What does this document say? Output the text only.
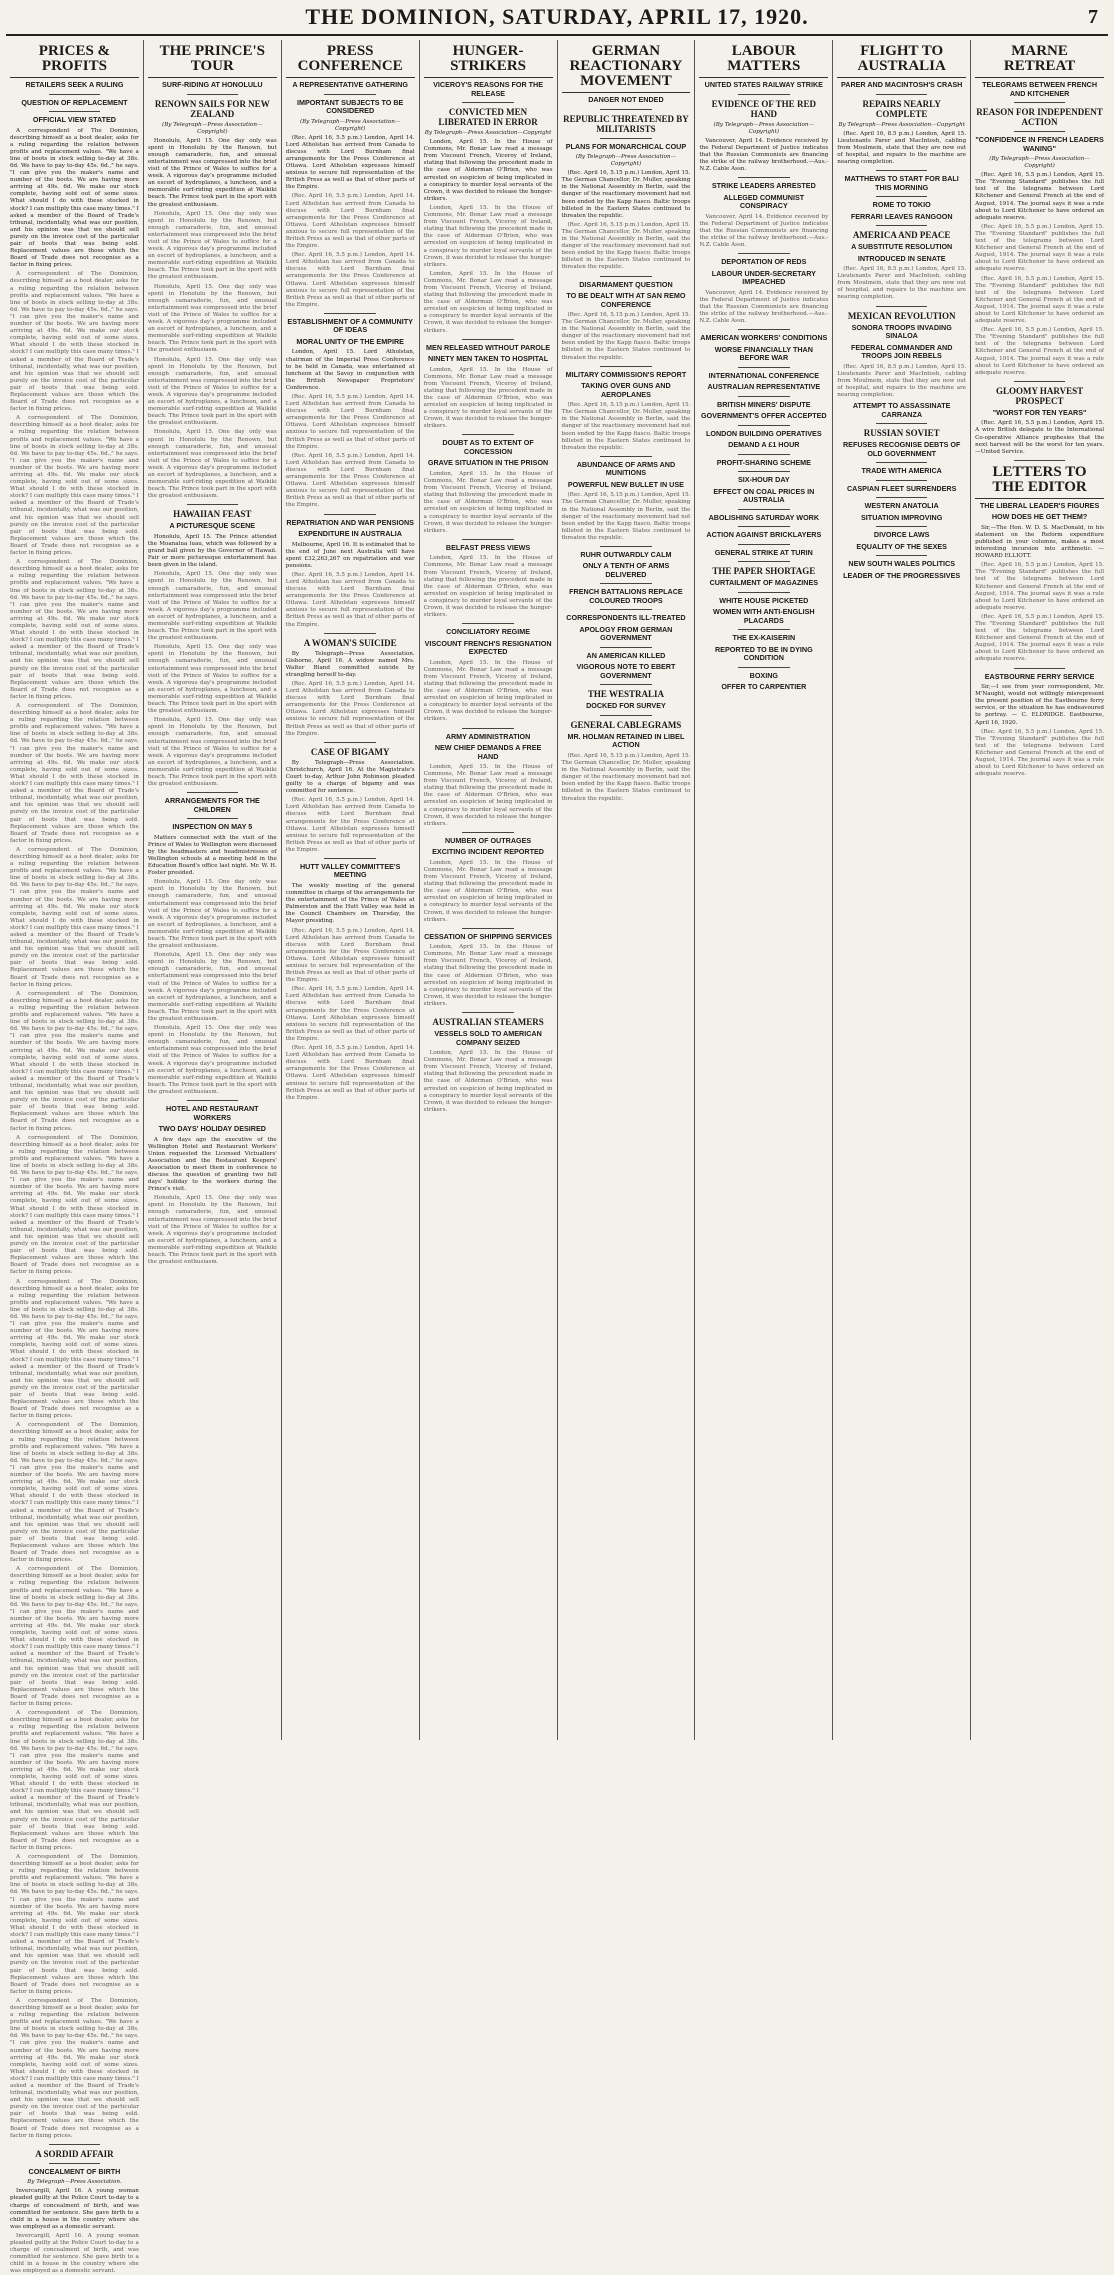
THE DOMINION, SATURDAY, APRIL 17, 1920.	7
PRICES & PROFITS
RETAILERS SEEK A RULING
QUESTION OF REPLACEMENT
OFFICIAL VIEW STATED

A correspondent of The Dominion, describing himself as a boot dealer, asks for a ruling regarding the relation between profits and replacement values. "We have a line of boots in stock selling to-day at 38s. 6d. We have to pay to-day 45s. 6d.," he says. "I can give you the maker's name and number of the boots. We are having more arriving at 49s. 6d. We make our stock complete, having sold out of some sizes. What should I do with these stocked in stock? I can multiply this case many times." I asked a member of the Board of Trade's tribunal, incidentally, what was our position, and his opinion was that we should sell purely on the invoice cost of the particular pair of boots that was being sold. Replacement values are those which the Board of Trade does not recognise as a factor in fixing prices.

A correspondent of The Dominion, describing himself as a boot dealer, asks for a ruling regarding the relation between profits and replacement values. "We have a line of boots in stock selling to-day at 38s. 6d. We have to pay to-day 45s. 6d.," he says. "I can give you the maker's name and number of the boots. We are having more arriving at 49s. 6d. We make our stock complete, having sold out of some sizes. What should I do with these stocked in stock? I can multiply this case many times." I asked a member of the Board of Trade's tribunal, incidentally, what was our position, and his opinion was that we should sell purely on the invoice cost of the particular pair of boots that was being sold. Replacement values are those which the Board of Trade does not recognise as a factor in fixing prices.

A correspondent of The Dominion, describing himself as a boot dealer, asks for a ruling regarding the relation between profits and replacement values. "We have a line of boots in stock selling to-day at 38s. 6d. We have to pay to-day 45s. 6d.," he says. "I can give you the maker's name and number of the boots. We are having more arriving at 49s. 6d. We make our stock complete, having sold out of some sizes. What should I do with these stocked in stock? I can multiply this case many times." I asked a member of the Board of Trade's tribunal, incidentally, what was our position, and his opinion was that we should sell purely on the invoice cost of the particular pair of boots that was being sold. Replacement values are those which the Board of Trade does not recognise as a factor in fixing prices.

A correspondent of The Dominion, describing himself as a boot dealer, asks for a ruling regarding the relation between profits and replacement values. "We have a line of boots in stock selling to-day at 38s. 6d. We have to pay to-day 45s. 6d.," he says. "I can give you the maker's name and number of the boots. We are having more arriving at 49s. 6d. We make our stock complete, having sold out of some sizes. What should I do with these stocked in stock? I can multiply this case many times." I asked a member of the Board of Trade's tribunal, incidentally, what was our position, and his opinion was that we should sell purely on the invoice cost of the particular pair of boots that was being sold. Replacement values are those which the Board of Trade does not recognise as a factor in fixing prices.

A correspondent of The Dominion, describing himself as a boot dealer, asks for a ruling regarding the relation between profits and replacement values. "We have a line of boots in stock selling to-day at 38s. 6d. We have to pay to-day 45s. 6d.," he says. "I can give you the maker's name and number of the boots. We are having more arriving at 49s. 6d. We make our stock complete, having sold out of some sizes. What should I do with these stocked in stock? I can multiply this case many times." I asked a member of the Board of Trade's tribunal, incidentally, what was our position, and his opinion was that we should sell purely on the invoice cost of the particular pair of boots that was being sold. Replacement values are those which the Board of Trade does not recognise as a factor in fixing prices.

A correspondent of The Dominion, describing himself as a boot dealer, asks for a ruling regarding the relation between profits and replacement values. "We have a line of boots in stock selling to-day at 38s. 6d. We have to pay to-day 45s. 6d.," he says. "I can give you the maker's name and number of the boots. We are having more arriving at 49s. 6d. We make our stock complete, having sold out of some sizes. What should I do with these stocked in stock? I can multiply this case many times." I asked a member of the Board of Trade's tribunal, incidentally, what was our position, and his opinion was that we should sell purely on the invoice cost of the particular pair of boots that was being sold. Replacement values are those which the Board of Trade does not recognise as a factor in fixing prices.

A correspondent of The Dominion, describing himself as a boot dealer, asks for a ruling regarding the relation between profits and replacement values. "We have a line of boots in stock selling to-day at 38s. 6d. We have to pay to-day 45s. 6d.," he says. "I can give you the maker's name and number of the boots. We are having more arriving at 49s. 6d. We make our stock complete, having sold out of some sizes. What should I do with these stocked in stock? I can multiply this case many times." I asked a member of the Board of Trade's tribunal, incidentally, what was our position, and his opinion was that we should sell purely on the invoice cost of the particular pair of boots that was being sold. Replacement values are those which the Board of Trade does not recognise as a factor in fixing prices.

A correspondent of The Dominion, describing himself as a boot dealer, asks for a ruling regarding the relation between profits and replacement values. "We have a line of boots in stock selling to-day at 38s. 6d. We have to pay to-day 45s. 6d.," he says. "I can give you the maker's name and number of the boots. We are having more arriving at 49s. 6d. We make our stock complete, having sold out of some sizes. What should I do with these stocked in stock? I can multiply this case many times." I asked a member of the Board of Trade's tribunal, incidentally, what was our position, and his opinion was that we should sell purely on the invoice cost of the particular pair of boots that was being sold. Replacement values are those which the Board of Trade does not recognise as a factor in fixing prices.

A correspondent of The Dominion, describing himself as a boot dealer, asks for a ruling regarding the relation between profits and replacement values. "We have a line of boots in stock selling to-day at 38s. 6d. We have to pay to-day 45s. 6d.," he says. "I can give you the maker's name and number of the boots. We are having more arriving at 49s. 6d. We make our stock complete, having sold out of some sizes. What should I do with these stocked in stock? I can multiply this case many times." I asked a member of the Board of Trade's tribunal, incidentally, what was our position, and his opinion was that we should sell purely on the invoice cost of the particular pair of boots that was being sold. Replacement values are those which the Board of Trade does not recognise as a factor in fixing prices.

A correspondent of The Dominion, describing himself as a boot dealer, asks for a ruling regarding the relation between profits and replacement values. "We have a line of boots in stock selling to-day at 38s. 6d. We have to pay to-day 45s. 6d.," he says. "I can give you the maker's name and number of the boots. We are having more arriving at 49s. 6d. We make our stock complete, having sold out of some sizes. What should I do with these stocked in stock? I can multiply this case many times." I asked a member of the Board of Trade's tribunal, incidentally, what was our position, and his opinion was that we should sell purely on the invoice cost of the particular pair of boots that was being sold. Replacement values are those which the Board of Trade does not recognise as a factor in fixing prices.

A correspondent of The Dominion, describing himself as a boot dealer, asks for a ruling regarding the relation between profits and replacement values. "We have a line of boots in stock selling to-day at 38s. 6d. We have to pay to-day 45s. 6d.," he says. "I can give you the maker's name and number of the boots. We are having more arriving at 49s. 6d. We make our stock complete, having sold out of some sizes. What should I do with these stocked in stock? I can multiply this case many times." I asked a member of the Board of Trade's tribunal, incidentally, what was our position, and his opinion was that we should sell purely on the invoice cost of the particular pair of boots that was being sold. Replacement values are those which the Board of Trade does not recognise as a factor in fixing prices.

A correspondent of The Dominion, describing himself as a boot dealer, asks for a ruling regarding the relation between profits and replacement values. "We have a line of boots in stock selling to-day at 38s. 6d. We have to pay to-day 45s. 6d.," he says. "I can give you the maker's name and number of the boots. We are having more arriving at 49s. 6d. We make our stock complete, having sold out of some sizes. What should I do with these stocked in stock? I can multiply this case many times." I asked a member of the Board of Trade's tribunal, incidentally, what was our position, and his opinion was that we should sell purely on the invoice cost of the particular pair of boots that was being sold. Replacement values are those which the Board of Trade does not recognise as a factor in fixing prices.

A correspondent of The Dominion, describing himself as a boot dealer, asks for a ruling regarding the relation between profits and replacement values. "We have a line of boots in stock selling to-day at 38s. 6d. We have to pay to-day 45s. 6d.," he says. "I can give you the maker's name and number of the boots. We are having more arriving at 49s. 6d. We make our stock complete, having sold out of some sizes. What should I do with these stocked in stock? I can multiply this case many times." I asked a member of the Board of Trade's tribunal, incidentally, what was our position, and his opinion was that we should sell purely on the invoice cost of the particular pair of boots that was being sold. Replacement values are those which the Board of Trade does not recognise as a factor in fixing prices.

A correspondent of The Dominion, describing himself as a boot dealer, asks for a ruling regarding the relation between profits and replacement values. "We have a line of boots in stock selling to-day at 38s. 6d. We have to pay to-day 45s. 6d.," he says. "I can give you the maker's name and number of the boots. We are having more arriving at 49s. 6d. We make our stock complete, having sold out of some sizes. What should I do with these stocked in stock? I can multiply this case many times." I asked a member of the Board of Trade's tribunal, incidentally, what was our position, and his opinion was that we should sell purely on the invoice cost of the particular pair of boots that was being sold. Replacement values are those which the Board of Trade does not recognise as a factor in fixing prices.

A SORDID AFFAIR
CONCEALMENT OF BIRTH
By Telegraph—Press Association.

Invercargill, April 16. A young woman pleaded guilty at the Police Court to-day to a charge of concealment of birth, and was committed for sentence. She gave birth to a child in a house in the country where she was employed as a domestic servant.

Invercargill, April 16. A young woman pleaded guilty at the Police Court to-day to a charge of concealment of birth, and was committed for sentence. She gave birth to a child in a house in the country where she was employed as a domestic servant.

THE PRINCE'S TOUR
SURF-RIDING AT HONOLULU
RENOWN SAILS FOR NEW ZEALAND
(By Telegraph—Press Association—Copyright)

Honolulu, April 15. One day only was spent in Honolulu by the Renown, but enough camaraderie, fun, and unusual entertainment was compressed into the brief visit of the Prince of Wales to suffice for a week. A vigorous day's programme included an escort of hydroplanes, a luncheon, and a memorable surf-riding expedition at Waikiki beach. The Prince took part in the sport with the greatest enthusiasm.

Honolulu, April 15. One day only was spent in Honolulu by the Renown, but enough camaraderie, fun, and unusual entertainment was compressed into the brief visit of the Prince of Wales to suffice for a week. A vigorous day's programme included an escort of hydroplanes, a luncheon, and a memorable surf-riding expedition at Waikiki beach. The Prince took part in the sport with the greatest enthusiasm.

Honolulu, April 15. One day only was spent in Honolulu by the Renown, but enough camaraderie, fun, and unusual entertainment was compressed into the brief visit of the Prince of Wales to suffice for a week. A vigorous day's programme included an escort of hydroplanes, a luncheon, and a memorable surf-riding expedition at Waikiki beach. The Prince took part in the sport with the greatest enthusiasm.

Honolulu, April 15. One day only was spent in Honolulu by the Renown, but enough camaraderie, fun, and unusual entertainment was compressed into the brief visit of the Prince of Wales to suffice for a week. A vigorous day's programme included an escort of hydroplanes, a luncheon, and a memorable surf-riding expedition at Waikiki beach. The Prince took part in the sport with the greatest enthusiasm.

Honolulu, April 15. One day only was spent in Honolulu by the Renown, but enough camaraderie, fun, and unusual entertainment was compressed into the brief visit of the Prince of Wales to suffice for a week. A vigorous day's programme included an escort of hydroplanes, a luncheon, and a memorable surf-riding expedition at Waikiki beach. The Prince took part in the sport with the greatest enthusiasm.

HAWAIIAN FEAST
A PICTURESQUE SCENE

Honolulu, April 15. The Prince attended the Moanalua luau, which was followed by a grand ball given by the Governor of Hawaii. Fair or more picturesque entertainment has been given in the island.

Honolulu, April 15. One day only was spent in Honolulu by the Renown, but enough camaraderie, fun, and unusual entertainment was compressed into the brief visit of the Prince of Wales to suffice for a week. A vigorous day's programme included an escort of hydroplanes, a luncheon, and a memorable surf-riding expedition at Waikiki beach. The Prince took part in the sport with the greatest enthusiasm.

Honolulu, April 15. One day only was spent in Honolulu by the Renown, but enough camaraderie, fun, and unusual entertainment was compressed into the brief visit of the Prince of Wales to suffice for a week. A vigorous day's programme included an escort of hydroplanes, a luncheon, and a memorable surf-riding expedition at Waikiki beach. The Prince took part in the sport with the greatest enthusiasm.

Honolulu, April 15. One day only was spent in Honolulu by the Renown, but enough camaraderie, fun, and unusual entertainment was compressed into the brief visit of the Prince of Wales to suffice for a week. A vigorous day's programme included an escort of hydroplanes, a luncheon, and a memorable surf-riding expedition at Waikiki beach. The Prince took part in the sport with the greatest enthusiasm.

ARRANGEMENTS FOR THE CHILDREN
INSPECTION ON MAY 5

Matters connected with the visit of the Prince of Wales to Wellington were discussed by the headmasters and headmistresses of Wellington schools at a meeting held in the Education Board's office last night. Mr. W. H. Foster presided.

Honolulu, April 15. One day only was spent in Honolulu by the Renown, but enough camaraderie, fun, and unusual entertainment was compressed into the brief visit of the Prince of Wales to suffice for a week. A vigorous day's programme included an escort of hydroplanes, a luncheon, and a memorable surf-riding expedition at Waikiki beach. The Prince took part in the sport with the greatest enthusiasm.

Honolulu, April 15. One day only was spent in Honolulu by the Renown, but enough camaraderie, fun, and unusual entertainment was compressed into the brief visit of the Prince of Wales to suffice for a week. A vigorous day's programme included an escort of hydroplanes, a luncheon, and a memorable surf-riding expedition at Waikiki beach. The Prince took part in the sport with the greatest enthusiasm.

Honolulu, April 15. One day only was spent in Honolulu by the Renown, but enough camaraderie, fun, and unusual entertainment was compressed into the brief visit of the Prince of Wales to suffice for a week. A vigorous day's programme included an escort of hydroplanes, a luncheon, and a memorable surf-riding expedition at Waikiki beach. The Prince took part in the sport with the greatest enthusiasm.

HOTEL AND RESTAURANT WORKERS
TWO DAYS' HOLIDAY DESIRED

A few days ago the executive of the Wellington Hotel and Restaurant Workers' Union requested the Licensed Victuallers' Association and the Restaurant Keepers' Association to meet them in conference to discuss the question of granting two full days' holiday to the workers during the Prince's visit.

Honolulu, April 15. One day only was spent in Honolulu by the Renown, but enough camaraderie, fun, and unusual entertainment was compressed into the brief visit of the Prince of Wales to suffice for a week. A vigorous day's programme included an escort of hydroplanes, a luncheon, and a memorable surf-riding expedition at Waikiki beach. The Prince took part in the sport with the greatest enthusiasm.

PRESS CONFERENCE
A REPRESENTATIVE GATHERING
IMPORTANT SUBJECTS TO BE CONSIDERED
(By Telegraph—Press Association—Copyright)

(Rec. April 16, 5.5 p.m.) London, April 14. Lord Atholstan has arrived from Canada to discuss with Lord Burnham final arrangements for the Press Conference at Ottawa. Lord Atholstan expresses himself anxious to secure full representation of the British Press as well as that of other parts of the Empire.

(Rec. April 16, 5.5 p.m.) London, April 14. Lord Atholstan has arrived from Canada to discuss with Lord Burnham final arrangements for the Press Conference at Ottawa. Lord Atholstan expresses himself anxious to secure full representation of the British Press as well as that of other parts of the Empire.

(Rec. April 16, 5.5 p.m.) London, April 14. Lord Atholstan has arrived from Canada to discuss with Lord Burnham final arrangements for the Press Conference at Ottawa. Lord Atholstan expresses himself anxious to secure full representation of the British Press as well as that of other parts of the Empire.

ESTABLISHMENT OF A COMMUNITY OF IDEAS
MORAL UNITY OF THE EMPIRE

London, April 15. Lord Atholstan, chairman of the Imperial Press Conference to be held in Canada, was entertained at luncheon at the Savoy in conjunction with the British Newspaper Proprietors' Conference.

(Rec. April 16, 5.5 p.m.) London, April 14. Lord Atholstan has arrived from Canada to discuss with Lord Burnham final arrangements for the Press Conference at Ottawa. Lord Atholstan expresses himself anxious to secure full representation of the British Press as well as that of other parts of the Empire.

(Rec. April 16, 5.5 p.m.) London, April 14. Lord Atholstan has arrived from Canada to discuss with Lord Burnham final arrangements for the Press Conference at Ottawa. Lord Atholstan expresses himself anxious to secure full representation of the British Press as well as that of other parts of the Empire.

REPATRIATION AND WAR PENSIONS
EXPENDITURE IN AUSTRALIA

Melbourne, April 16. It is estimated that to the end of June next Australia will have spent £32,263,267 on repatriation and war pensions.

(Rec. April 16, 5.5 p.m.) London, April 14. Lord Atholstan has arrived from Canada to discuss with Lord Burnham final arrangements for the Press Conference at Ottawa. Lord Atholstan expresses himself anxious to secure full representation of the British Press as well as that of other parts of the Empire.

A WOMAN'S SUICIDE

By Telegraph—Press Association. Gisborne, April 16. A widow named Mrs. Walter Bland committed suicide by strangling herself to-day.

(Rec. April 16, 5.5 p.m.) London, April 14. Lord Atholstan has arrived from Canada to discuss with Lord Burnham final arrangements for the Press Conference at Ottawa. Lord Atholstan expresses himself anxious to secure full representation of the British Press as well as that of other parts of the Empire.

CASE OF BIGAMY

By Telegraph—Press Association. Christchurch, April 16. At the Magistrate's Court to-day, Arthur John Robinson pleaded guilty to a charge of bigamy and was committed for sentence.

(Rec. April 16, 5.5 p.m.) London, April 14. Lord Atholstan has arrived from Canada to discuss with Lord Burnham final arrangements for the Press Conference at Ottawa. Lord Atholstan expresses himself anxious to secure full representation of the British Press as well as that of other parts of the Empire.

HUTT VALLEY COMMITTEE'S MEETING

The weekly meeting of the general committee in charge of the arrangements for the entertainment of the Prince of Wales at Palmerston and the Hutt Valley was held in the Council Chambers on Thursday, the Mayor presiding.

(Rec. April 16, 5.5 p.m.) London, April 14. Lord Atholstan has arrived from Canada to discuss with Lord Burnham final arrangements for the Press Conference at Ottawa. Lord Atholstan expresses himself anxious to secure full representation of the British Press as well as that of other parts of the Empire.

(Rec. April 16, 5.5 p.m.) London, April 14. Lord Atholstan has arrived from Canada to discuss with Lord Burnham final arrangements for the Press Conference at Ottawa. Lord Atholstan expresses himself anxious to secure full representation of the British Press as well as that of other parts of the Empire.

(Rec. April 16, 5.5 p.m.) London, April 14. Lord Atholstan has arrived from Canada to discuss with Lord Burnham final arrangements for the Press Conference at Ottawa. Lord Atholstan expresses himself anxious to secure full representation of the British Press as well as that of other parts of the Empire.

HUNGER-STRIKERS
VICEROY'S REASONS FOR THE RELEASE
CONVICTED MEN LIBERATED IN ERROR
By Telegraph—Press Association—Copyright

London, April 15. In the House of Commons, Mr. Bonar Law read a message from Viscount French, Viceroy of Ireland, stating that following the precedent made in the case of Alderman O'Brien, who was arrested on suspicion of being implicated in a conspiracy to murder loyal servants of the Crown, it was decided to release the hunger-strikers.

London, April 15. In the House of Commons, Mr. Bonar Law read a message from Viscount French, Viceroy of Ireland, stating that following the precedent made in the case of Alderman O'Brien, who was arrested on suspicion of being implicated in a conspiracy to murder loyal servants of the Crown, it was decided to release the hunger-strikers.

London, April 15. In the House of Commons, Mr. Bonar Law read a message from Viscount French, Viceroy of Ireland, stating that following the precedent made in the case of Alderman O'Brien, who was arrested on suspicion of being implicated in a conspiracy to murder loyal servants of the Crown, it was decided to release the hunger-strikers.

MEN RELEASED WITHOUT PAROLE
NINETY MEN TAKEN TO HOSPITAL

London, April 15. In the House of Commons, Mr. Bonar Law read a message from Viscount French, Viceroy of Ireland, stating that following the precedent made in the case of Alderman O'Brien, who was arrested on suspicion of being implicated in a conspiracy to murder loyal servants of the Crown, it was decided to release the hunger-strikers.

DOUBT AS TO EXTENT OF CONCESSION
GRAVE SITUATION IN THE PRISON

London, April 15. In the House of Commons, Mr. Bonar Law read a message from Viscount French, Viceroy of Ireland, stating that following the precedent made in the case of Alderman O'Brien, who was arrested on suspicion of being implicated in a conspiracy to murder loyal servants of the Crown, it was decided to release the hunger-strikers.

BELFAST PRESS VIEWS

London, April 15. In the House of Commons, Mr. Bonar Law read a message from Viscount French, Viceroy of Ireland, stating that following the precedent made in the case of Alderman O'Brien, who was arrested on suspicion of being implicated in a conspiracy to murder loyal servants of the Crown, it was decided to release the hunger-strikers.

CONCILIATORY REGIME
VISCOUNT FRENCH'S RESIGNATION EXPECTED

London, April 15. In the House of Commons, Mr. Bonar Law read a message from Viscount French, Viceroy of Ireland, stating that following the precedent made in the case of Alderman O'Brien, who was arrested on suspicion of being implicated in a conspiracy to murder loyal servants of the Crown, it was decided to release the hunger-strikers.

ARMY ADMINISTRATION
NEW CHIEF DEMANDS A FREE HAND

London, April 15. In the House of Commons, Mr. Bonar Law read a message from Viscount French, Viceroy of Ireland, stating that following the precedent made in the case of Alderman O'Brien, who was arrested on suspicion of being implicated in a conspiracy to murder loyal servants of the Crown, it was decided to release the hunger-strikers.

NUMBER OF OUTRAGES
EXCITING INCIDENT REPORTED

London, April 15. In the House of Commons, Mr. Bonar Law read a message from Viscount French, Viceroy of Ireland, stating that following the precedent made in the case of Alderman O'Brien, who was arrested on suspicion of being implicated in a conspiracy to murder loyal servants of the Crown, it was decided to release the hunger-strikers.

CESSATION OF SHIPPING SERVICES

London, April 15. In the House of Commons, Mr. Bonar Law read a message from Viscount French, Viceroy of Ireland, stating that following the precedent made in the case of Alderman O'Brien, who was arrested on suspicion of being implicated in a conspiracy to murder loyal servants of the Crown, it was decided to release the hunger-strikers.

AUSTRALIAN STEAMERS
VESSELS SOLD TO AMERICAN COMPANY SEIZED

London, April 15. In the House of Commons, Mr. Bonar Law read a message from Viscount French, Viceroy of Ireland, stating that following the precedent made in the case of Alderman O'Brien, who was arrested on suspicion of being implicated in a conspiracy to murder loyal servants of the Crown, it was decided to release the hunger-strikers.

GERMAN REACTIONARY MOVEMENT
DANGER NOT ENDED
REPUBLIC THREATENED BY MILITARISTS
PLANS FOR MONARCHICAL COUP
(By Telegraph—Press Association—Copyright)

(Rec. April 16, 5.15 p.m.) London, April 15. The German Chancellor, Dr. Muller, speaking in the National Assembly in Berlin, said the danger of the reactionary movement had not been ended by the Kapp fiasco. Baltic troops billeted in the Eastern States continued to threaten the republic.

(Rec. April 16, 5.15 p.m.) London, April 15. The German Chancellor, Dr. Muller, speaking in the National Assembly in Berlin, said the danger of the reactionary movement had not been ended by the Kapp fiasco. Baltic troops billeted in the Eastern States continued to threaten the republic.

DISARMAMENT QUESTION
TO BE DEALT WITH AT SAN REMO CONFERENCE

(Rec. April 16, 5.15 p.m.) London, April 15. The German Chancellor, Dr. Muller, speaking in the National Assembly in Berlin, said the danger of the reactionary movement had not been ended by the Kapp fiasco. Baltic troops billeted in the Eastern States continued to threaten the republic.

MILITARY COMMISSION'S REPORT
TAKING OVER GUNS AND AEROPLANES

(Rec. April 16, 5.15 p.m.) London, April 15. The German Chancellor, Dr. Muller, speaking in the National Assembly in Berlin, said the danger of the reactionary movement had not been ended by the Kapp fiasco. Baltic troops billeted in the Eastern States continued to threaten the republic.

ABUNDANCE OF ARMS AND MUNITIONS
POWERFUL NEW BULLET IN USE

(Rec. April 16, 5.15 p.m.) London, April 15. The German Chancellor, Dr. Muller, speaking in the National Assembly in Berlin, said the danger of the reactionary movement had not been ended by the Kapp fiasco. Baltic troops billeted in the Eastern States continued to threaten the republic.

RUHR OUTWARDLY CALM
ONLY A TENTH OF ARMS DELIVERED
FRENCH BATTALIONS REPLACE COLOURED TROOPS
CORRESPONDENTS ILL-TREATED
APOLOGY FROM GERMAN GOVERNMENT
AN AMERICAN KILLED
VIGOROUS NOTE TO EBERT GOVERNMENT
THE WESTRALIA
DOCKED FOR SURVEY
GENERAL CABLEGRAMS
MR. HOLMAN RETAINED IN LIBEL ACTION

(Rec. April 16, 5.15 p.m.) London, April 15. The German Chancellor, Dr. Muller, speaking in the National Assembly in Berlin, said the danger of the reactionary movement had not been ended by the Kapp fiasco. Baltic troops billeted in the Eastern States continued to threaten the republic.

LABOUR MATTERS
UNITED STATES RAILWAY STRIKE
EVIDENCE OF THE RED HAND
(By Telegraph—Press Association—Copyright)

Vancouver, April 14. Evidence received by the Federal Department of Justice indicates that the Russian Communists are financing the strike of the railway brotherhood.—Aus.-N.Z. Cable Assn.

STRIKE LEADERS ARRESTED
ALLEGED COMMUNIST CONSPIRACY

Vancouver, April 14. Evidence received by the Federal Department of Justice indicates that the Russian Communists are financing the strike of the railway brotherhood.—Aus.-N.Z. Cable Assn.

DEPORTATION OF REDS
LABOUR UNDER-SECRETARY IMPEACHED

Vancouver, April 14. Evidence received by the Federal Department of Justice indicates that the Russian Communists are financing the strike of the railway brotherhood.—Aus.-N.Z. Cable Assn.

AMERICAN WORKERS' CONDITIONS
WORSE FINANCIALLY THAN BEFORE WAR
INTERNATIONAL CONFERENCE
AUSTRALIAN REPRESENTATIVE
BRITISH MINERS' DISPUTE
GOVERNMENT'S OFFER ACCEPTED
LONDON BUILDING OPERATIVES
DEMAND A £1 HOUR
PROFIT-SHARING SCHEME
SIX-HOUR DAY
EFFECT ON COAL PRICES IN AUSTRALIA
ABOLISHING SATURDAY WORK
ACTION AGAINST BRICKLAYERS
GENERAL STRIKE AT TURIN
THE PAPER SHORTAGE
CURTAILMENT OF MAGAZINES
WHITE HOUSE PICKETED
WOMEN WITH ANTI-ENGLISH PLACARDS
THE EX-KAISERIN
REPORTED TO BE IN DYING CONDITION
BOXING
OFFER TO CARPENTIER
FLIGHT TO AUSTRALIA
PARER AND MACINTOSH'S CRASH
REPAIRS NEARLY COMPLETE
By Telegraph—Press Association—Copyright

(Rec. April 16, 8.5 p.m.) London, April 15. Lieutenants Parer and MacIntosh, cabling from Moulmein, state that they are now out of hospital, and repairs to the machine are nearing completion.

MATTHEWS TO START FOR BALI THIS MORNING
ROME TO TOKIO
FERRARI LEAVES RANGOON
AMERICA AND PEACE
A SUBSTITUTE RESOLUTION
INTRODUCED IN SENATE

(Rec. April 16, 8.5 p.m.) London, April 15. Lieutenants Parer and MacIntosh, cabling from Moulmein, state that they are now out of hospital, and repairs to the machine are nearing completion.

MEXICAN REVOLUTION
SONORA TROOPS INVADING SINALOA
FEDERAL COMMANDER AND TROOPS JOIN REBELS

(Rec. April 16, 8.5 p.m.) London, April 15. Lieutenants Parer and MacIntosh, cabling from Moulmein, state that they are now out of hospital, and repairs to the machine are nearing completion.

ATTEMPT TO ASSASSINATE CARRANZA
RUSSIAN SOVIET
REFUSES RECOGNISE DEBTS OF OLD GOVERNMENT
TRADE WITH AMERICA
CASPIAN FLEET SURRENDERS
WESTERN ANATOLIA
SITUATION IMPROVING
DIVORCE LAWS
EQUALITY OF THE SEXES
NEW SOUTH WALES POLITICS
LEADER OF THE PROGRESSIVES
MARNE RETREAT
TELEGRAMS BETWEEN FRENCH AND KITCHENER
REASON FOR INDEPENDENT ACTION
"CONFIDENCE IN FRENCH LEADERS WANING"
(By Telegraph—Press Association—Copyright)

(Rec. April 16, 5.5 p.m.) London, April 15. The "Evening Standard" publishes the full text of the telegrams between Lord Kitchener and General French at the end of August, 1914. The journal says it was a rule about to Lord Kitchener to have ordered an adequate reserve.

(Rec. April 16, 5.5 p.m.) London, April 15. The "Evening Standard" publishes the full text of the telegrams between Lord Kitchener and General French at the end of August, 1914. The journal says it was a rule about to Lord Kitchener to have ordered an adequate reserve.

(Rec. April 16, 5.5 p.m.) London, April 15. The "Evening Standard" publishes the full text of the telegrams between Lord Kitchener and General French at the end of August, 1914. The journal says it was a rule about to Lord Kitchener to have ordered an adequate reserve.

(Rec. April 16, 5.5 p.m.) London, April 15. The "Evening Standard" publishes the full text of the telegrams between Lord Kitchener and General French at the end of August, 1914. The journal says it was a rule about to Lord Kitchener to have ordered an adequate reserve.

GLOOMY HARVEST PROSPECT
"WORST FOR TEN YEARS"

(Rec. April 16, 5.5 p.m.) London, April 15. A wire British delegate to the International Co-operative Alliance prophesies that the next harvest will be the worst for ten years.—United Service.

LETTERS TO THE EDITOR
THE LIBERAL LEADER'S FIGURES
HOW DOES HE GET THEM?

Sir,—The Hon. W. D. S. MacDonald, in his statement on the Reform expenditure published in your columns, makes a most interesting incursion into arithmetic. — HOWARD ELLIOTT.

(Rec. April 16, 5.5 p.m.) London, April 15. The "Evening Standard" publishes the full text of the telegrams between Lord Kitchener and General French at the end of August, 1914. The journal says it was a rule about to Lord Kitchener to have ordered an adequate reserve.

(Rec. April 16, 5.5 p.m.) London, April 15. The "Evening Standard" publishes the full text of the telegrams between Lord Kitchener and General French at the end of August, 1914. The journal says it was a rule about to Lord Kitchener to have ordered an adequate reserve.

EASTBOURNE FERRY SERVICE

Sir,—I see from your correspondent, Mr. M'Naught, would not willingly misrepresent the present position of the Eastbourne ferry service, or the situation he has endeavoured to portray. — C. ELDRIDGE. Eastbourne, April 16, 1920.

(Rec. April 16, 5.5 p.m.) London, April 15. The "Evening Standard" publishes the full text of the telegrams between Lord Kitchener and General French at the end of August, 1914. The journal says it was a rule about to Lord Kitchener to have ordered an adequate reserve.
